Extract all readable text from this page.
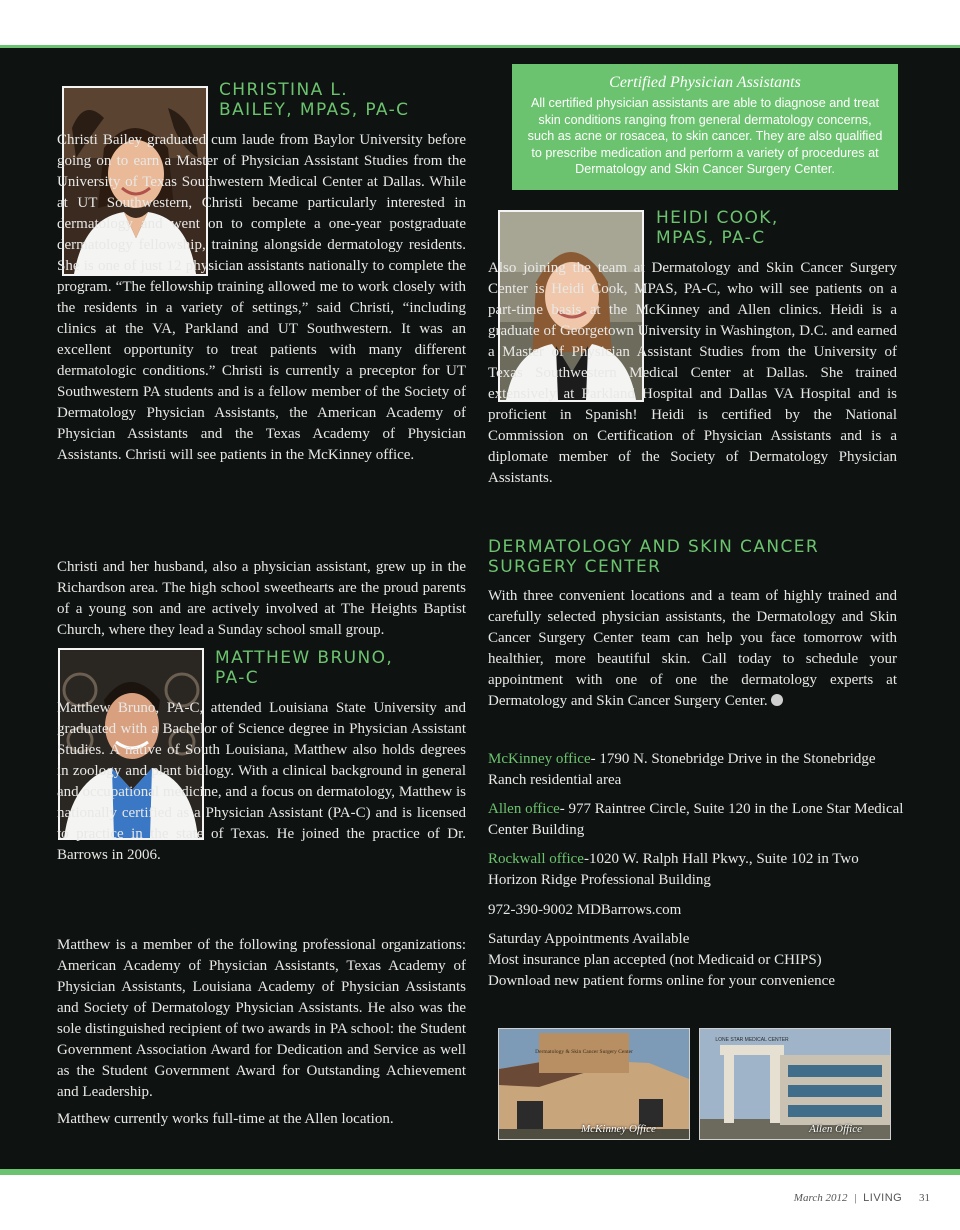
CHRISTINA L.
BAILEY, MPAS, PA-C

Christi Bailey graduated cum laude from Baylor University before going on to earn a Master of Physician Assistant Studies from the University of Texas Southwestern Medical Center at Dallas. While at UT Southwestern, Christi became particularly interested in dermatology and went on to complete a one-year postgraduate dermatology fellowship, training alongside dermatology residents. She is one of just 12 physician assistants nationally to complete the program. “The fellowship training allowed me to work closely with the residents in a variety of settings,” said Christi, “including clinics at the VA, Parkland and UT Southwestern. It was an excellent opportunity to treat patients with many different dermatologic conditions.” Christi is currently a preceptor for UT Southwestern PA students and is a fellow member of the Society of Dermatology Physician Assistants, the American Academy of Physician Assistants and the Texas Academy of Physician Assistants. Christi will see patients in the McKinney office.

Christi and her husband, also a physician assistant, grew up in the Richardson area. The high school sweethearts are the proud parents of a young son and are actively involved at The Heights Baptist Church, where they lead a Sunday school small group.

MATTHEW BRUNO,
PA-C

Matthew Bruno, PA-C, attended Louisiana State University and graduated with a Bachelor of Science degree in Physician Assistant Studies. A native of South Louisiana, Matthew also holds degrees in zoology and plant biology. With a clinical background in general and occupational medicine, and a focus on dermatology, Matthew is nationally certified as a Physician Assistant (PA-C) and is licensed to practice in the state of Texas. He joined the practice of Dr. Barrows in 2006.

Matthew is a member of the following professional organizations: American Academy of Physician Assistants, Texas Academy of Physician Assistants, Louisiana Academy of Physician Assistants and Society of Dermatology Physician Assistants. He also was the sole distinguished recipient of two awards in PA school: the Student Government Association Award for Dedication and Service as well as the Student Government Award for Outstanding Achievement and Leadership.

Matthew currently works full-time at the Allen location.

Certified Physician Assistants
All certified physician assistants are able to diagnose and treat skin conditions ranging from general dermatology concerns, such as acne or rosacea, to skin cancer. They are also qualified to prescribe medication and perform a variety of procedures at Dermatology and Skin Cancer Surgery Center.
HEIDI COOK,
MPAS, PA-C

Also joining the team at Dermatology and Skin Cancer Surgery Center is Heidi Cook, MPAS, PA-C, who will see patients on a part-time basis at the McKinney and Allen clinics. Heidi is a graduate of Georgetown University in Washington, D.C. and earned a Master of Physician Assistant Studies from the University of Texas Southwestern Medical Center at Dallas. She trained extensively at Parkland Hospital and Dallas VA Hospital and is proficient in Spanish! Heidi is certified by the National Commission on Certification of Physician Assistants and is a diplomate member of the Society of Dermatology Physician Assistants.

DERMATOLOGY AND SKIN CANCER
SURGERY CENTER

With three convenient locations and a team of highly trained and carefully selected physician assistants, the Dermatology and Skin Cancer Surgery Center team can help you face tomorrow with healthier, more beautiful skin. Call today to schedule your appointment with one of one the dermatology experts at Dermatology and Skin Cancer Surgery Center.

McKinney office- 1790 N. Stonebridge Drive in the Stonebridge Ranch residential area

Allen office- 977 Raintree Circle, Suite 120 in the Lone Star Medical Center Building

Rockwall office-1020 W. Ralph Hall Pkwy., Suite 102 in Two Horizon Ridge Professional Building

972-390-9002 MDBarrows.com

Saturday Appointments Available
Most insurance plan accepted (not Medicaid or CHIPS)
Download new patient forms online for your convenience
Dermatology & Skin Cancer Surgery Center
McKinney Office
LONE STAR MEDICAL CENTER
Allen Office
March 2012 | LIVING 31
